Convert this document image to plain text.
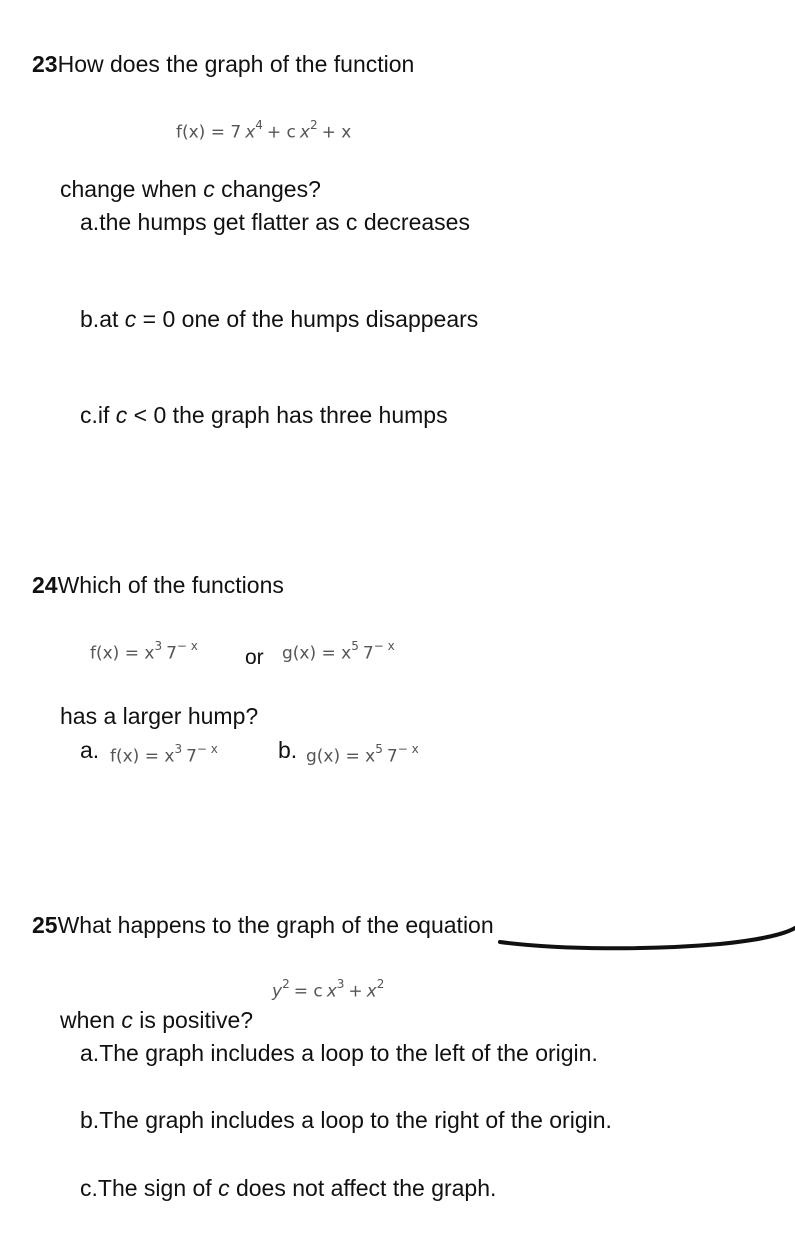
23How does the graph of the function
f(x) = 7 $x^4 + c$ $x^2 + x$
change when c changes?
a.the humps get flatter as c decreases
b.at c = 0 one of the humps disappears
c.if c < 0 the graph has three humps
24Which of the functions
$f(x) = x^3$ $7^{- x}$ or $g(x) = x^5$ $7^{- x}$
has a larger hump?
a. $f(x) = x^3$ $7^{- x}$	b. $g(x) = x^5$ $7^{- x}$
25What happens to the graph of the equation
$y^2 = c$ $x^3 + x^2$
when c is positive?
a.The graph includes a loop to the left of the origin.
b.The graph includes a loop to the right of the origin.
c.The sign of c does not affect the graph.
